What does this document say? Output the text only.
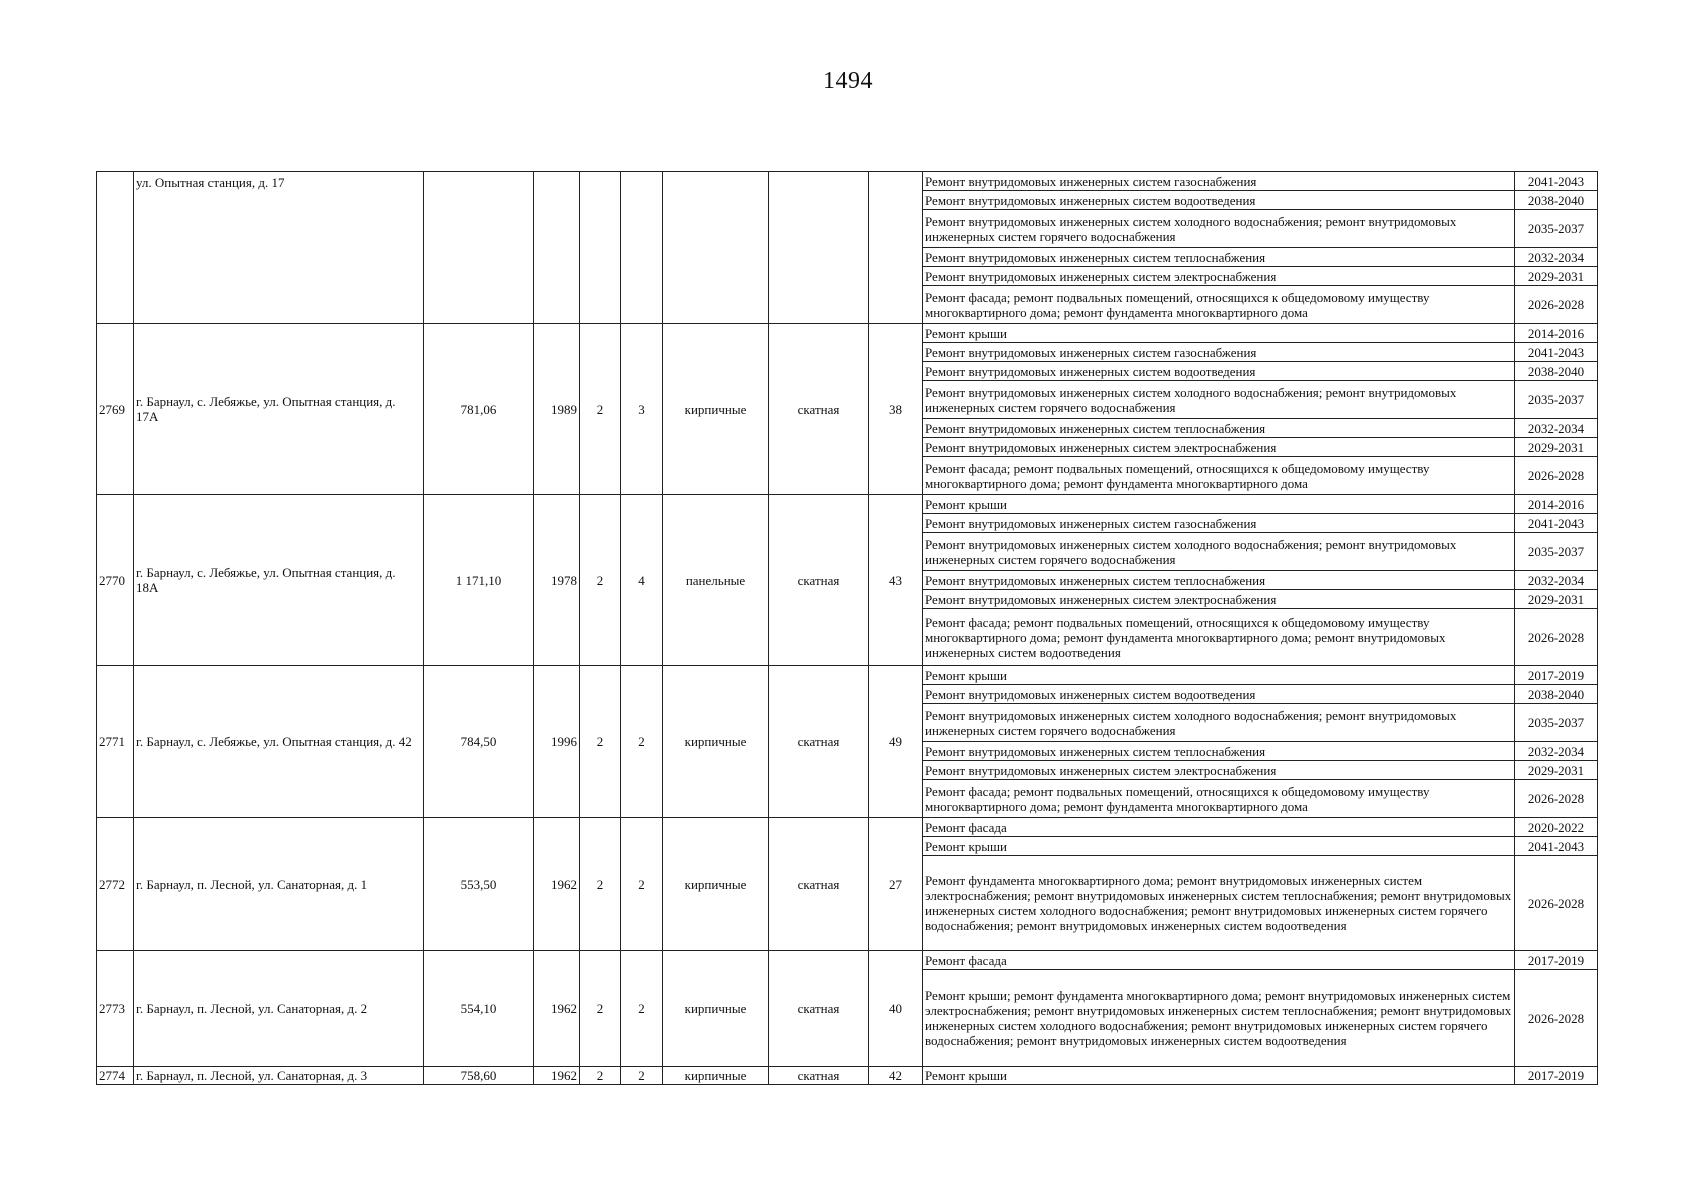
1494
	ул. Опытная станция, д. 17								Ремонт внутридомовых инженерных систем газоснабжения	2041-2043
									Ремонт внутридомовых инженерных систем водоотведения	2038-2040
									Ремонт внутридомовых инженерных систем холодного водоснабжения; ремонт внутридомовых инженерных систем горячего водоснабжения	2035-2037
									Ремонт внутридомовых инженерных систем теплоснабжения	2032-2034
									Ремонт внутридомовых инженерных систем электроснабжения	2029-2031
									Ремонт фасада; ремонт подвальных помещений, относящихся к общедомовому имуществу многоквартирного дома; ремонт фундамента многоквартирного дома	2026-2028
2769	г. Барнаул, с. Лебяжье, ул. Опытная станция, д. 17А	781,06	1989	2	3	кирпичные	скатная	38	Ремонт крыши	2014-2016
									Ремонт внутридомовых инженерных систем газоснабжения	2041-2043
									Ремонт внутридомовых инженерных систем водоотведения	2038-2040
									Ремонт внутридомовых инженерных систем холодного водоснабжения; ремонт внутридомовых инженерных систем горячего водоснабжения	2035-2037
									Ремонт внутридомовых инженерных систем теплоснабжения	2032-2034
									Ремонт внутридомовых инженерных систем электроснабжения	2029-2031
									Ремонт фасада; ремонт подвальных помещений, относящихся к общедомовому имуществу многоквартирного дома; ремонт фундамента многоквартирного дома	2026-2028
2770	г. Барнаул, с. Лебяжье, ул. Опытная станция, д. 18А	1 171,10	1978	2	4	панельные	скатная	43	Ремонт крыши	2014-2016
									Ремонт внутридомовых инженерных систем газоснабжения	2041-2043
									Ремонт внутридомовых инженерных систем холодного водоснабжения; ремонт внутридомовых инженерных систем горячего водоснабжения	2035-2037
									Ремонт внутридомовых инженерных систем теплоснабжения	2032-2034
									Ремонт внутридомовых инженерных систем электроснабжения	2029-2031
									Ремонт фасада; ремонт подвальных помещений, относящихся к общедомовому имуществу многоквартирного дома; ремонт фундамента многоквартирного дома; ремонт внутридомовых инженерных систем водоотведения	2026-2028
2771	г. Барнаул, с. Лебяжье, ул. Опытная станция, д. 42	784,50	1996	2	2	кирпичные	скатная	49	Ремонт крыши	2017-2019
									Ремонт внутридомовых инженерных систем водоотведения	2038-2040
									Ремонт внутридомовых инженерных систем холодного водоснабжения; ремонт внутридомовых инженерных систем горячего водоснабжения	2035-2037
									Ремонт внутридомовых инженерных систем теплоснабжения	2032-2034
									Ремонт внутридомовых инженерных систем электроснабжения	2029-2031
									Ремонт фасада; ремонт подвальных помещений, относящихся к общедомовому имуществу многоквартирного дома; ремонт фундамента многоквартирного дома	2026-2028
2772	г. Барнаул, п. Лесной, ул. Санаторная, д. 1	553,50	1962	2	2	кирпичные	скатная	27	Ремонт фасада	2020-2022
									Ремонт крыши	2041-2043
									Ремонт фундамента многоквартирного дома; ремонт внутридомовых инженерных систем электроснабжения; ремонт внутридомовых инженерных систем теплоснабжения; ремонт внутридомовых инженерных систем холодного водоснабжения; ремонт внутридомовых инженерных систем горячего водоснабжения; ремонт внутридомовых инженерных систем водоотведения	2026-2028
2773	г. Барнаул, п. Лесной, ул. Санаторная, д. 2	554,10	1962	2	2	кирпичные	скатная	40	Ремонт фасада	2017-2019
									Ремонт крыши; ремонт фундамента многоквартирного дома; ремонт внутридомовых инженерных систем электроснабжения; ремонт внутридомовых инженерных систем теплоснабжения; ремонт внутридомовых инженерных систем холодного водоснабжения; ремонт внутридомовых инженерных систем горячего водоснабжения; ремонт внутридомовых инженерных систем водоотведения	2026-2028
2774	г. Барнаул, п. Лесной, ул. Санаторная, д. 3	758,60	1962	2	2	кирпичные	скатная	42	Ремонт крыши	2017-2019
